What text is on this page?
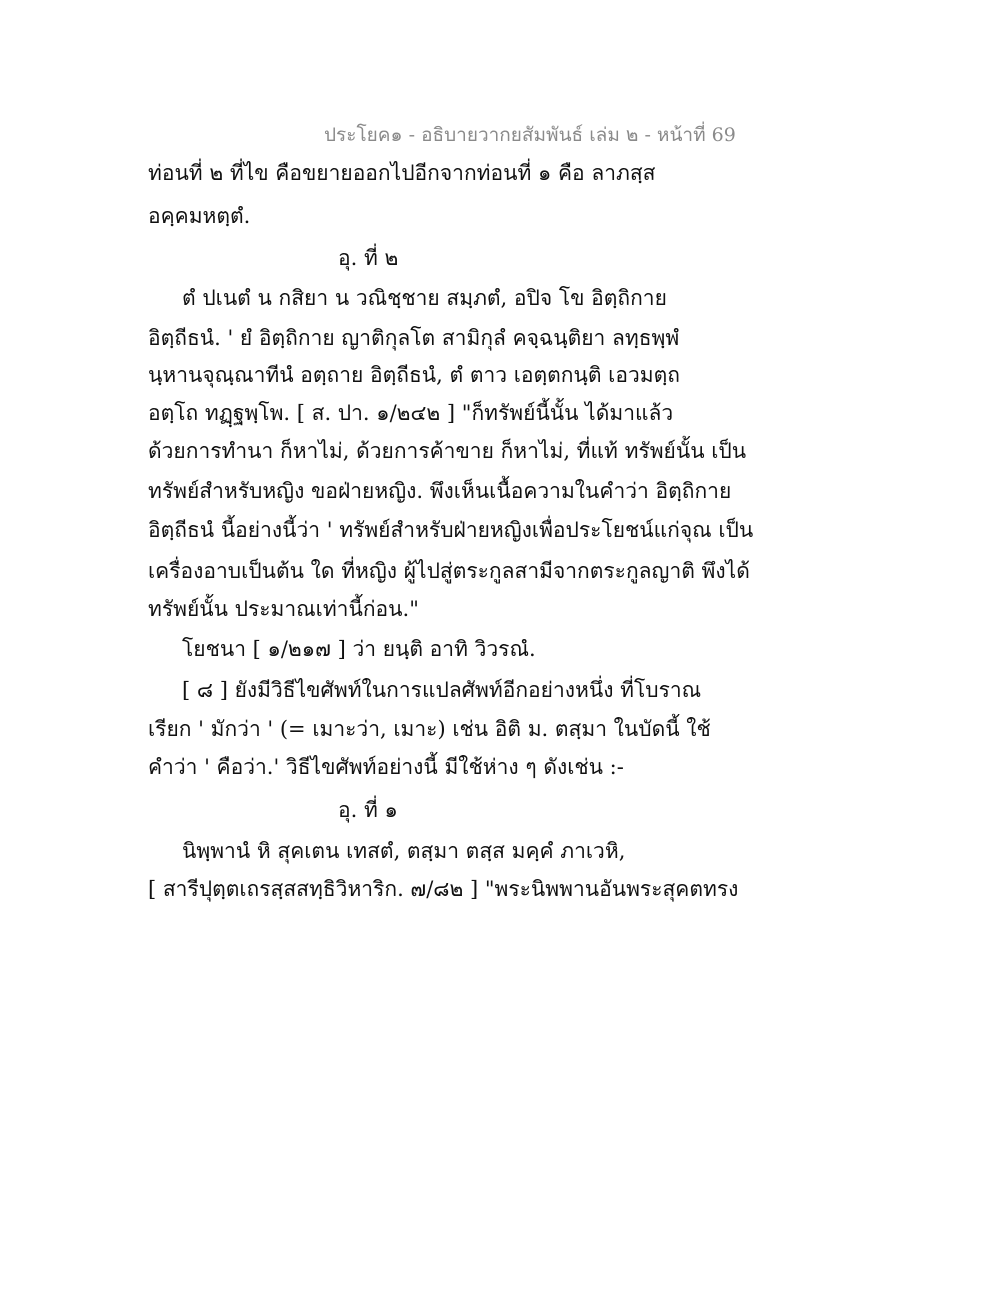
ประโยค๑ - อธิบายวากยสัมพันธ์ เล่ม ๒ - หน้าที่ 69
ท่อนที่ ๒ ที่ไข คือขยายออกไปอีกจากท่อนที่ ๑ คือ ลาภสฺส
อคฺคมหตฺตํ.
อุ. ที่ ๒
ตํ ปเนตํ น กสิยา น วณิชฺชาย สมฺภตํ, อปิจ โข อิตฺถิกาย
อิตฺถีธนํ. ' ยํ อิตฺถิกาย ญาติกุลโต สามิกุลํ คจฺฉนฺติยา ลทฺธพฺพํ
นฺหานจุณฺณาทีนํ อตฺถาย อิตฺถีธนํ, ตํ ตาว เอตฺตกนฺติ เอวมตฺถ
อตฺโถ ทฏฺฐพฺโพ. [ ส. ปา. ๑/๒๔๒ ] "ก็ทรัพย์นี้นั้น ได้มาแล้ว
ด้วยการทำนา ก็หาไม่, ด้วยการค้าขาย ก็หาไม่, ที่แท้ ทรัพย์นั้น เป็น
ทรัพย์สำหรับหญิง ขอฝ่ายหญิง. พึงเห็นเนื้อความในคำว่า อิตฺถิกาย
อิตฺถีธนํ นี้อย่างนี้ว่า ' ทรัพย์สำหรับฝ่ายหญิงเพื่อประโยชน์แก่จุณ เป็น
เครื่องอาบเป็นต้น ใด ที่หญิง ผู้ไปสู่ตระกูลสามีจากตระกูลญาติ พึงได้
ทรัพย์นั้น ประมาณเท่านี้ก่อน."
โยชนา [ ๑/๒๑๗ ] ว่า ยนฺติ อาทิ วิวรณํ.
[ ๘ ] ยังมีวิธีไขศัพท์ในการแปลศัพท์อีกอย่างหนึ่ง ที่โบราณ
เรียก ' มักว่า ' (= เมาะว่า, เมาะ) เช่น อิติ ม. ตสฺมา ในบัดนี้ ใช้
คำว่า ' คือว่า.' วิธีไขศัพท์อย่างนี้ มีใช้ห่าง ๆ ดังเช่น :-
อุ. ที่ ๑
นิพฺพานํ หิ สุคเตน เทสตํ, ตสฺมา ตสฺส มคฺคํ ภาเวหิ,
[ สารีปุตฺตเถรสฺสสทฺธิวิหาริก. ๗/๘๒ ] "พระนิพพานอันพระสุคตทรง
